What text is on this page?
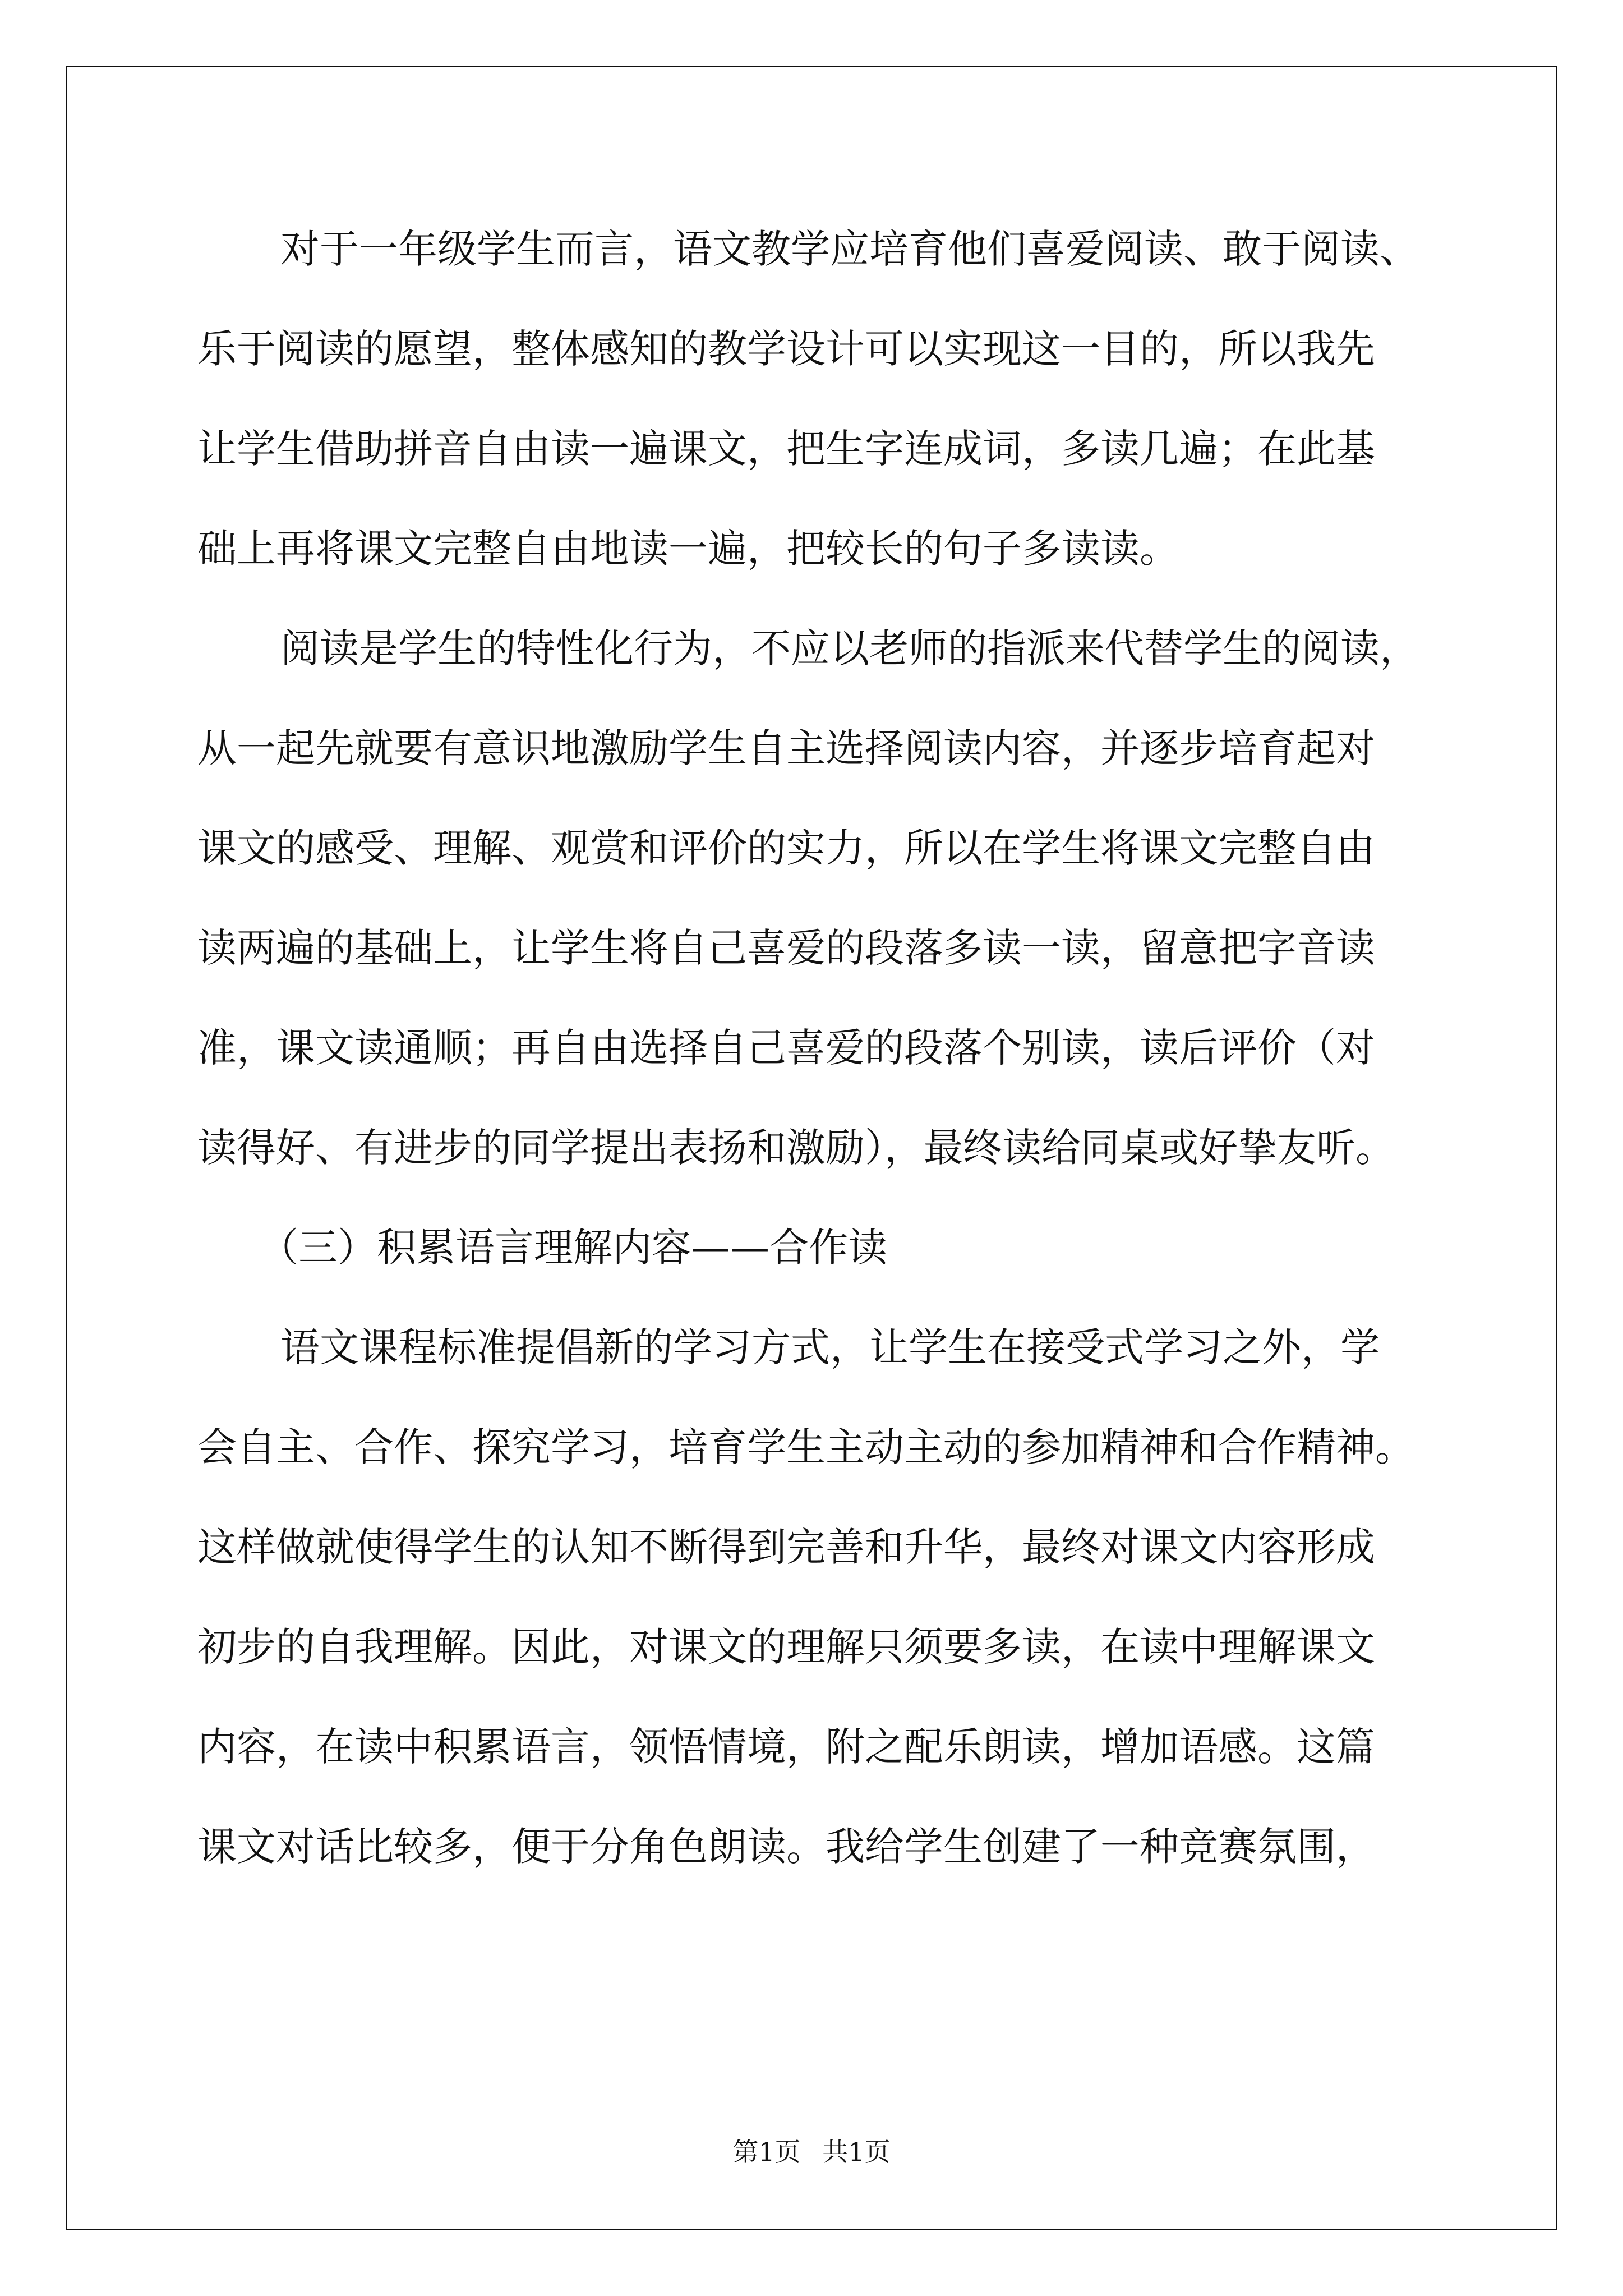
对于一年级学生而言，语文教学应培育他们喜爱阅读、敢于阅读、
乐于阅读的愿望，整体感知的教学设计可以实现这一目的，所以我先
让学生借助拼音自由读一遍课文，把生字连成词，多读几遍；在此基
础上再将课文完整自由地读一遍，把较长的句子多读读。
阅读是学生的特性化行为，不应以老师的指派来代替学生的阅读，
从一起先就要有意识地激励学生自主选择阅读内容，并逐步培育起对
课文的感受、理解、观赏和评价的实力，所以在学生将课文完整自由
读两遍的基础上，让学生将自己喜爱的段落多读一读，留意把字音读
准，课文读通顺；再自由选择自己喜爱的段落个别读，读后评价（对
读得好、有进步的同学提出表扬和激励），最终读给同桌或好挚友听。
（三）积累语言理解内容——合作读
语文课程标准提倡新的学习方式，让学生在接受式学习之外，学
会自主、合作、探究学习，培育学生主动主动的参加精神和合作精神。
这样做就使得学生的认知不断得到完善和升华，最终对课文内容形成
初步的自我理解。因此，对课文的理解只须要多读，在读中理解课文
内容，在读中积累语言，领悟情境，附之配乐朗读，增加语感。这篇
课文对话比较多，便于分角色朗读。我给学生创建了一种竞赛氛围，
第1页 共1页
